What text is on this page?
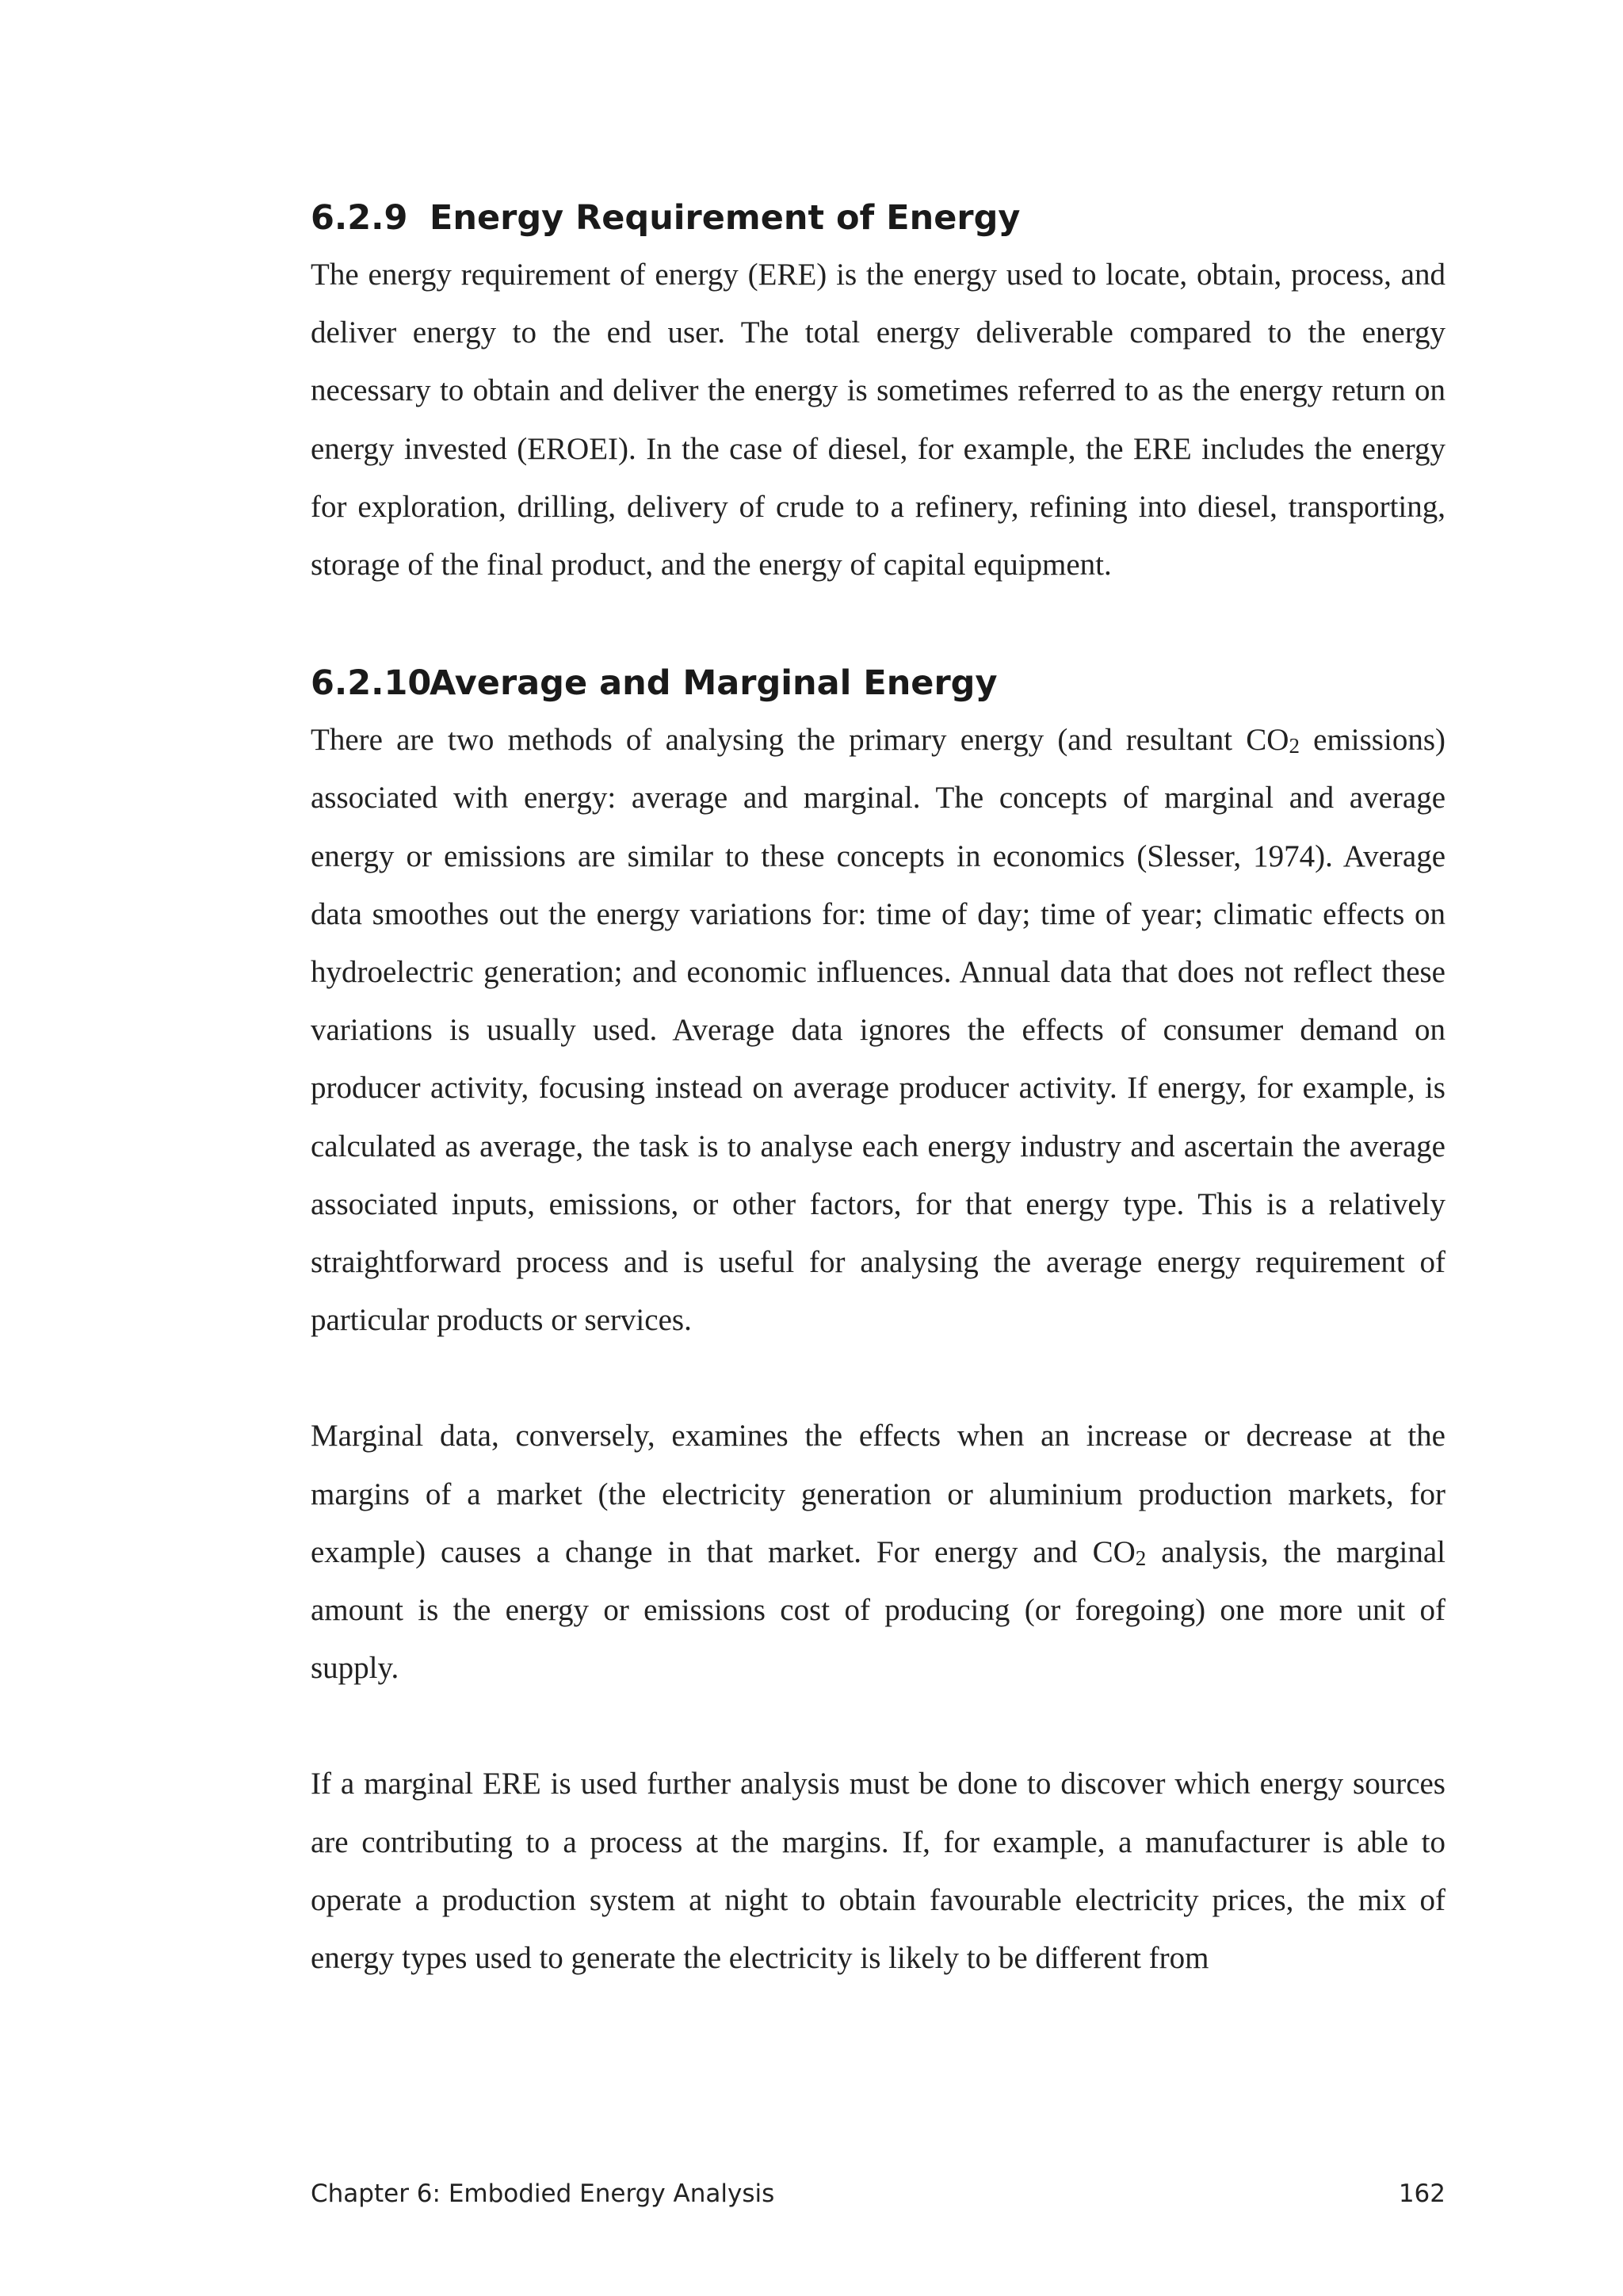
6.2.9 Energy Requirement of Energy

The energy requirement of energy (ERE) is the energy used to locate, obtain, process, and deliver energy to the end user. The total energy deliverable compared to the energy necessary to obtain and deliver the energy is sometimes referred to as the energy return on energy invested (EROEI). In the case of diesel, for example, the ERE includes the energy for exploration, drilling, delivery of crude to a refinery, refining into diesel, transporting, storage of the final product, and the energy of capital equipment.

6.2.10Average and Marginal Energy

There are two methods of analysing the primary energy (and resultant $CO_2$ emissions) associated with energy: average and marginal. The concepts of marginal and average energy or emissions are similar to these concepts in economics (Slesser, 1974). Average data smoothes out the energy variations for: time of day; time of year; climatic effects on hydroelectric generation; and economic influences. Annual data that does not reflect these variations is usually used. Average data ignores the effects of consumer demand on producer activity, focusing instead on average producer activity. If energy, for example, is calculated as average, the task is to analyse each energy industry and ascertain the average associated inputs, emissions, or other factors, for that energy type. This is a relatively straightforward process and is useful for analysing the average energy requirement of particular products or services.

Marginal data, conversely, examines the effects when an increase or decrease at the margins of a market (the electricity generation or aluminium production markets, for example) causes a change in that market. For energy and $CO_2$ analysis, the marginal amount is the energy or emissions cost of producing (or foregoing) one more unit of supply.

If a marginal ERE is used further analysis must be done to discover which energy sources are contributing to a process at the margins. If, for example, a manufacturer is able to operate a production system at night to obtain favourable electricity prices, the mix of energy types used to generate the electricity is likely to be different from

Chapter 6: Embodied Energy Analysis	162
